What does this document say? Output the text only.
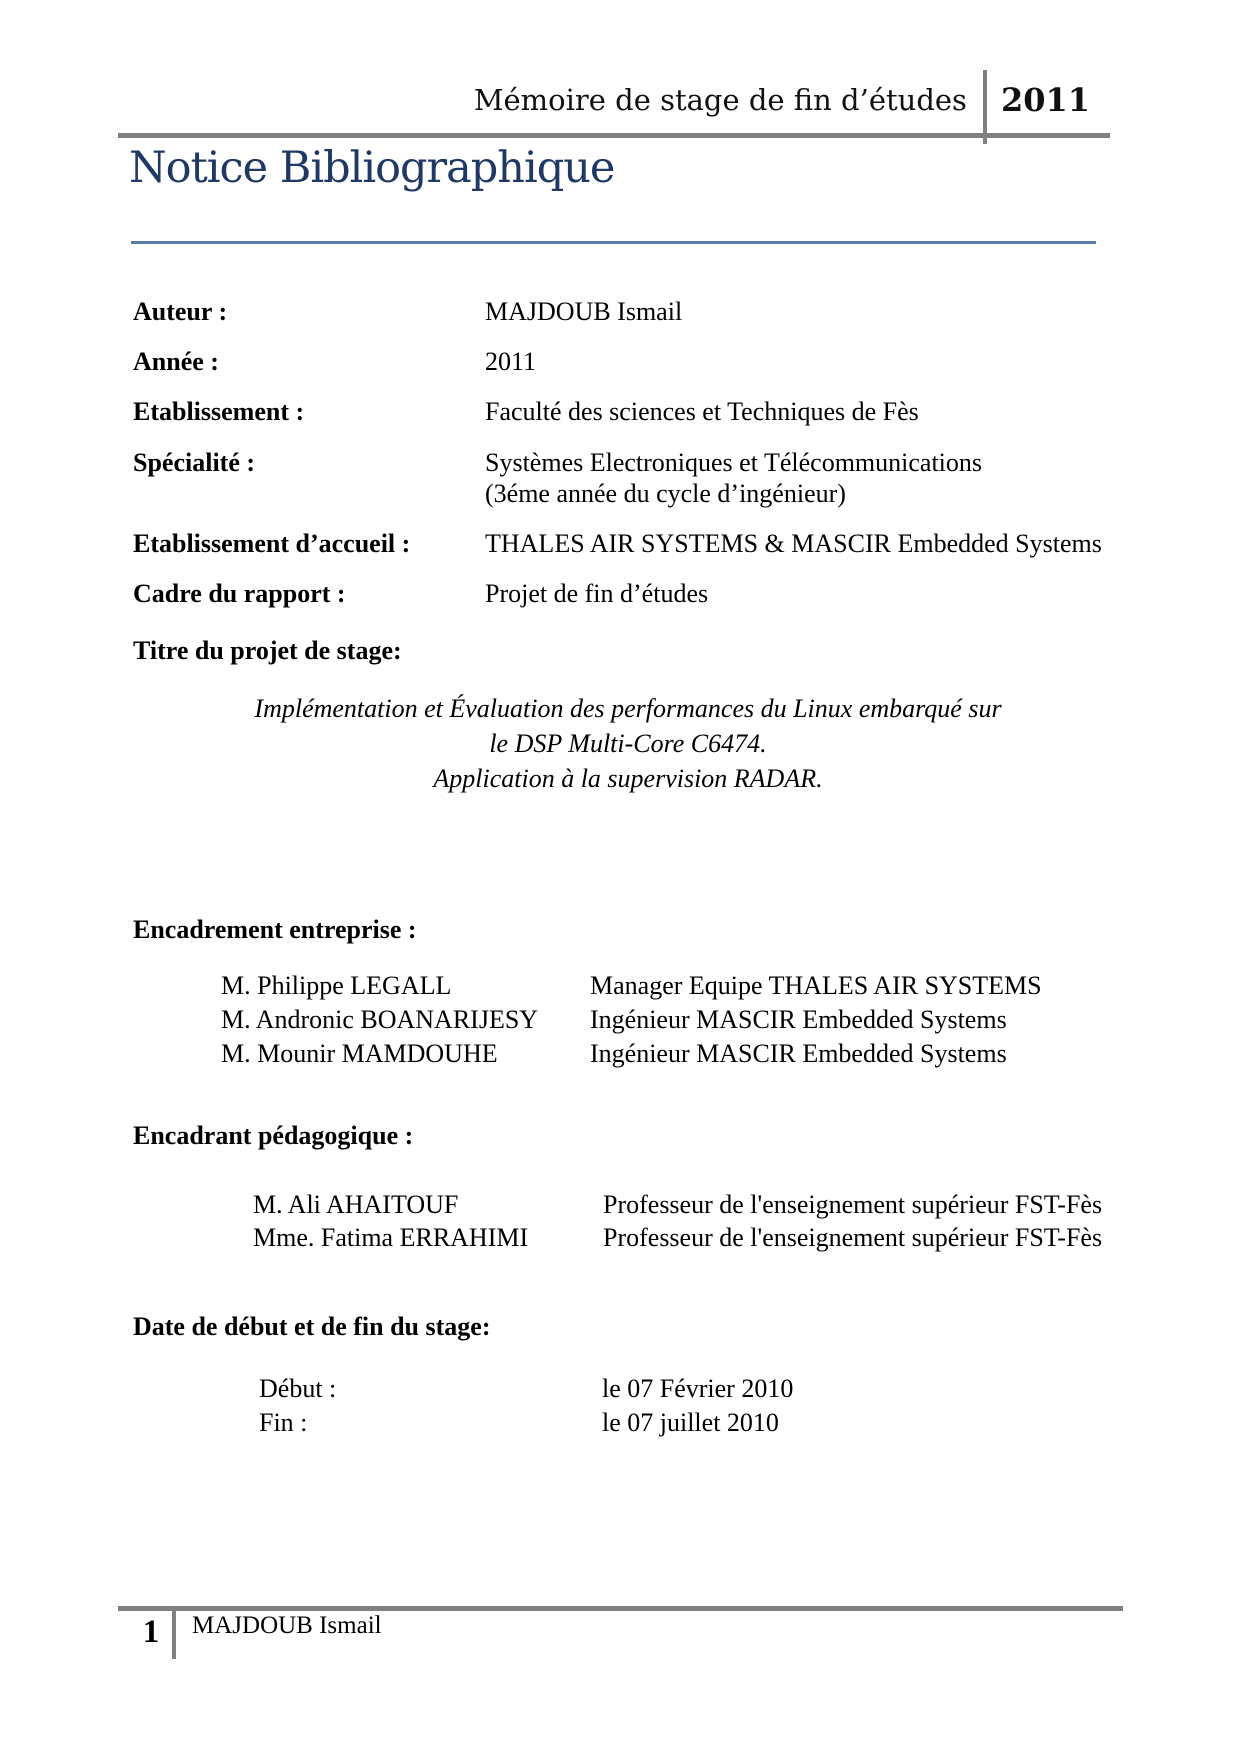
Mémoire de stage de fin d’études 2011
Notice Bibliographique
Auteur :	MAJDOUB Ismail
Année :	2011
Etablissement :	Faculté des sciences et Techniques de Fès
Spécialité :	Systèmes Electroniques et Télécommunications
(3éme année du cycle d’ingénieur)
Etablissement d’accueil :	THALES AIR SYSTEMS & MASCIR Embedded Systems
Cadre du rapport :	Projet de fin d’études
Titre du projet de stage:
Implémentation et Évaluation des performances du Linux embarqué sur
le DSP Multi-Core C6474.
Application à la supervision RADAR.
Encadrement entreprise :
M. Philippe LEGALL	Manager Equipe THALES AIR SYSTEMS
M. Andronic BOANARIJESY	Ingénieur MASCIR Embedded Systems
M. Mounir MAMDOUHE	Ingénieur MASCIR Embedded Systems
Encadrant pédagogique :
M. Ali AHAITOUF	Professeur de l'enseignement supérieur FST-Fès
Mme. Fatima ERRAHIMI	Professeur de l'enseignement supérieur FST-Fès
Date de début et de fin du stage:
Début :	le 07 Février 2010
Fin :	le 07 juillet 2010
1 MAJDOUB Ismail
